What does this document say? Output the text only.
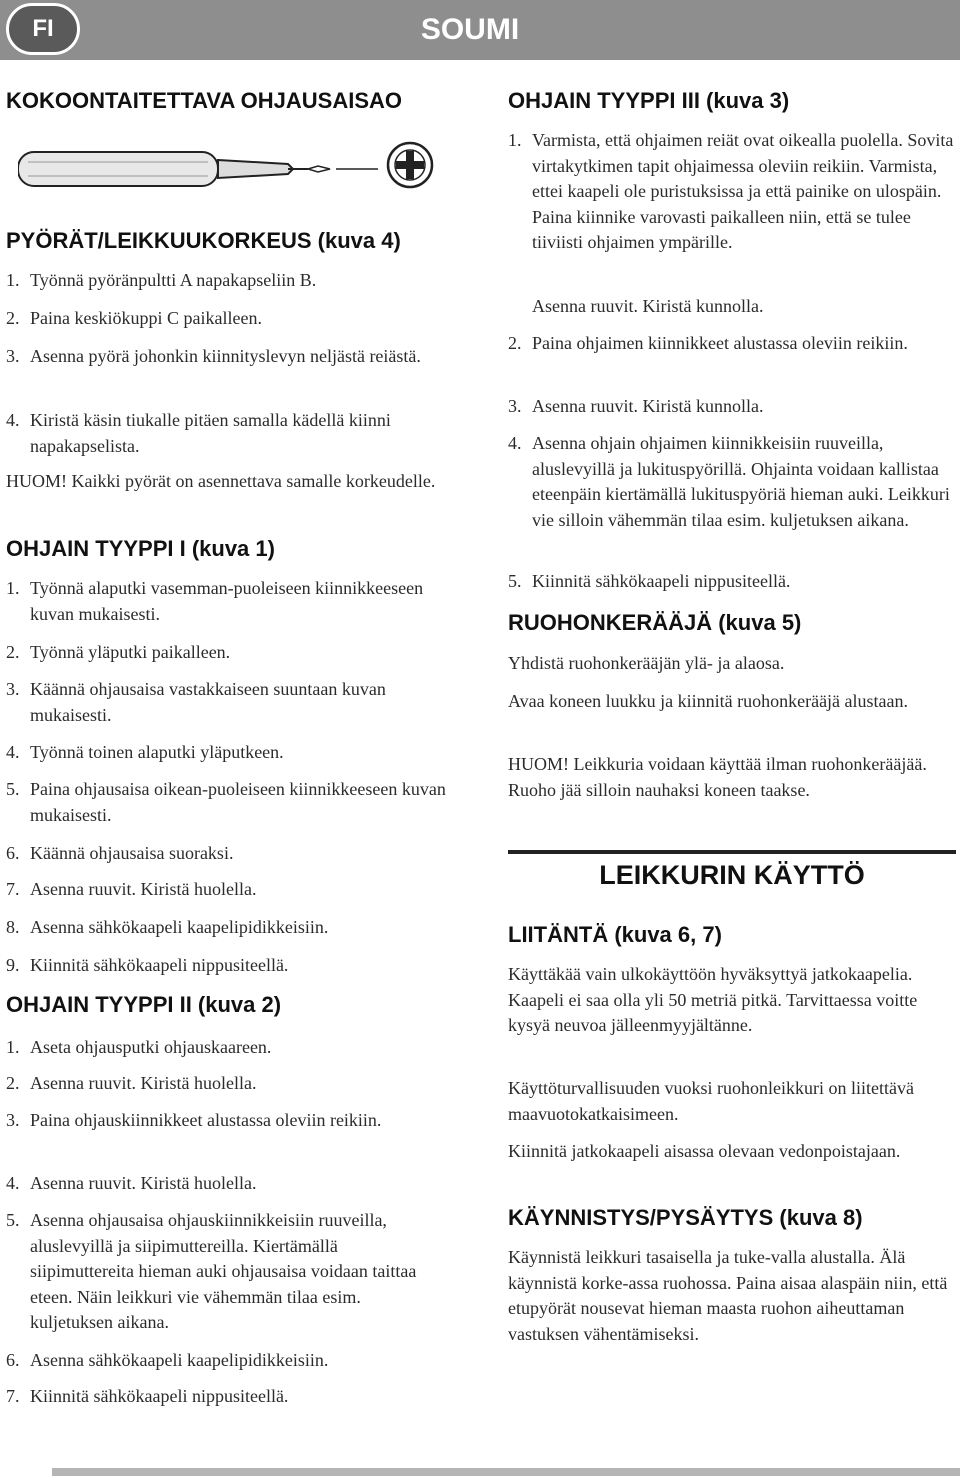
FI	SOUMI
KOKOONTAITETTAVA OHJAUSAISAO
PYÖRÄT/LEIKKUUKORKEUS (kuva 4)
1. Työnnä pyöränpultti A napakapseliin B.
2. Paina keskiökuppi C paikalleen.
3. Asenna pyörä johonkin kiinnityslevyn neljästä reiästä.
4. Kiristä käsin tiukalle pitäen samalla kädellä kiinni napakapselista.
HUOM! Kaikki pyörät on asennettava samalle korkeudelle.
OHJAIN TYYPPI I (kuva 1)
1. Työnnä alaputki vasemman-puoleiseen kiinnikkeeseen kuvan mukaisesti.
2. Työnnä yläputki paikalleen.
3. Käännä ohjausaisa vastakkaiseen suuntaan kuvan mukaisesti.
4. Työnnä toinen alaputki yläputkeen.
5. Paina ohjausaisa oikean-puoleiseen kiinnikkeeseen kuvan mukaisesti.
6. Käännä ohjausaisa suoraksi.
7. Asenna ruuvit. Kiristä huolella.
8. Asenna sähkökaapeli kaapelipidikkeisiin.
9. Kiinnitä sähkökaapeli nippusiteellä.
OHJAIN TYYPPI II (kuva 2)
1. Aseta ohjausputki ohjauskaareen.
2. Asenna ruuvit. Kiristä huolella.
3. Paina ohjauskiinnikkeet alustassa oleviin reikiin.
4. Asenna ruuvit. Kiristä huolella.
5. Asenna ohjausaisa ohjauskiinnikkeisiin ruuveilla, aluslevyillä ja siipimuttereilla. Kiertämällä siipimuttereita hieman auki ohjausaisa voidaan taittaa eteen. Näin leikkuri vie vähemmän tilaa esim. kuljetuksen aikana.
6. Asenna sähkökaapeli kaapelipidikkeisiin.
7. Kiinnitä sähkökaapeli nippusiteellä.
OHJAIN TYYPPI III (kuva 3)
1. Varmista, että ohjaimen reiät ovat oikealla puolella. Sovita virtakytkimen tapit ohjaimessa oleviin reikiin. Varmista, ettei kaapeli ole puristuksissa ja että painike on ulospäin. Paina kiinnike varovasti paikalleen niin, että se tulee tiiviisti ohjaimen ympärille.
Asenna ruuvit. Kiristä kunnolla.
2. Paina ohjaimen kiinnikkeet alustassa oleviin reikiin.
3. Asenna ruuvit. Kiristä kunnolla.
4. Asenna ohjain ohjaimen kiinnikkeisiin ruuveilla, aluslevyillä ja lukituspyörillä. Ohjainta voidaan kallistaa eteenpäin kiertämällä lukituspyöriä hieman auki. Leikkuri vie silloin vähemmän tilaa esim. kuljetuksen aikana.
5. Kiinnitä sähkökaapeli nippusiteellä.
RUOHONKERÄÄJÄ (kuva 5)
Yhdistä ruohonkerääjän ylä- ja alaosa.
Avaa koneen luukku ja kiinnitä ruohonkerääjä alustaan.
HUOM! Leikkuria voidaan käyttää ilman ruohonkerääjää. Ruoho jää silloin nauhaksi koneen taakse.
LEIKKURIN KÄYTTÖ
LIITÄNTÄ (kuva 6, 7)
Käyttäkää vain ulkokäyttöön hyväksyttyä jatkokaapelia. Kaapeli ei saa olla yli 50 metriä pitkä. Tarvittaessa voitte kysyä neuvoa jälleenmyyjältänne.
Käyttöturvallisuuden vuoksi ruohonleikkuri on liitettävä maavuotokatkaisimeen.
Kiinnitä jatkokaapeli aisassa olevaan vedonpoistajaan.
KÄYNNISTYS/PYSÄYTYS (kuva 8)
Käynnistä leikkuri tasaisella ja tuke-valla alustalla. Älä käynnistä korke-assa ruohossa. Paina aisaa alaspäin niin, että etupyörät nousevat hieman maasta ruohon aiheuttaman vastuksen vähentämiseksi.
